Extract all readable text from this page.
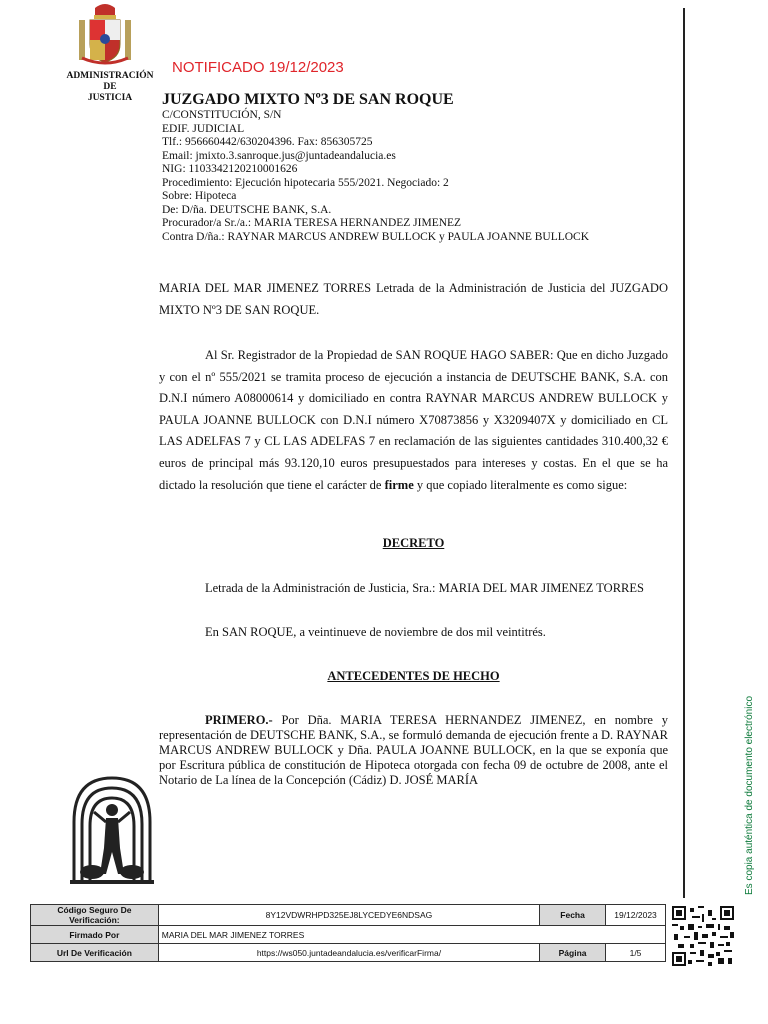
ADMINISTRACIÓN
DE
JUSTICIA
NOTIFICADO 19/12/2023
JUZGADO MIXTO Nº3 DE SAN ROQUE
C/CONSTITUCIÓN, S/N
EDIF. JUDICIAL
Tlf.: 956660442/630204396. Fax: 856305725
Email: jmixto.3.sanroque.jus@juntadeandalucia.es
NIG: 1103342120210001626
Procedimiento: Ejecución hipotecaria 555/2021. Negociado: 2
Sobre: Hipoteca
De: D/ña. DEUTSCHE BANK, S.A.
Procurador/a Sr./a.: MARIA TERESA HERNANDEZ JIMENEZ
Contra D/ña.: RAYNAR MARCUS ANDREW BULLOCK y PAULA JOANNE BULLOCK
MARIA DEL MAR JIMENEZ TORRES Letrada de la Administración de Justicia del JUZGADO MIXTO Nº3 DE SAN ROQUE.
Al Sr. Registrador de la Propiedad de SAN ROQUE HAGO SABER: Que en dicho Juzgado y con el nº 555/2021 se tramita proceso de ejecución a instancia de DEUTSCHE BANK, S.A. con D.N.I número A08000614 y domiciliado en contra RAYNAR MARCUS ANDREW BULLOCK y PAULA JOANNE BULLOCK con D.N.I número X70873856 y X3209407X y domiciliado en CL LAS ADELFAS 7 y CL LAS ADELFAS 7 en reclamación de las siguientes cantidades 310.400,32 € euros de principal más 93.120,10 euros presupuestados para intereses y costas. En el que se ha dictado la resolución que tiene el carácter de firme y que copiado literalmente es como sigue:
DECRETO
Letrada de la Administración de Justicia, Sra.: MARIA DEL MAR JIMENEZ TORRES
En SAN ROQUE, a veintinueve de noviembre de dos mil veintitrés.
ANTECEDENTES DE HECHO
PRIMERO.- Por Dña. MARIA TERESA HERNANDEZ JIMENEZ, en nombre y representación de DEUTSCHE BANK, S.A., se formuló demanda de ejecución frente a D. RAYNAR MARCUS ANDREW BULLOCK y Dña. PAULA JOANNE BULLOCK, en la que se exponía que por Escritura pública de constitución de Hipoteca otorgada con fecha 09 de octubre de 2008, ante el Notario de La línea de la Concepción (Cádiz) D. JOSÉ MARÍA	Es copia auténtica de documento electrónico
Código Seguro De Verificación:	8Y12VDWRHPD325EJ8LYCEDYE6NDSAG	Fecha	19/12/2023
Firmado Por	MARIA DEL MAR JIMENEZ TORRES		
Url De Verificación	https://ws050.juntadeandalucia.es/verificarFirma/	Página	1/5
